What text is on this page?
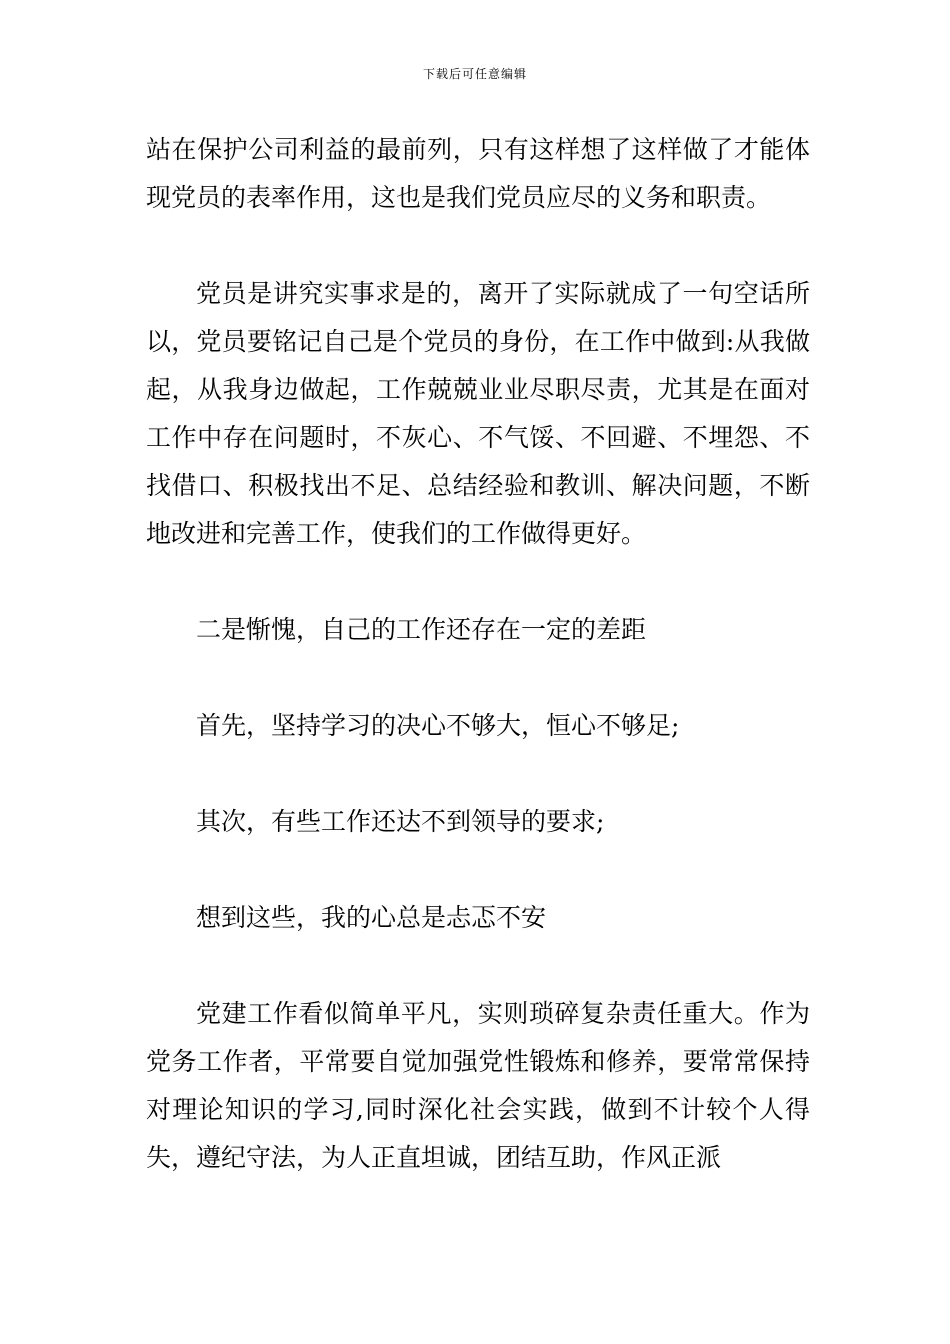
下载后可任意编辑

站在保护公司利益的最前列，只有这样想了这样做了才能体现党员的表率作用，这也是我们党员应尽的义务和职责。

党员是讲究实事求是的，离开了实际就成了一句空话所以，党员要铭记自己是个党员的身份，在工作中做到:从我做起，从我身边做起，工作兢兢业业尽职尽责，尤其是在面对工作中存在问题时，不灰心、不气馁、不回避、不埋怨、不找借口、积极找出不足、总结经验和教训、解决问题，不断地改进和完善工作，使我们的工作做得更好。

二是惭愧，自己的工作还存在一定的差距

首先，坚持学习的决心不够大，恒心不够足;

其次，有些工作还达不到领导的要求;

想到这些，我的心总是忐忑不安

党建工作看似简单平凡，实则琐碎复杂责任重大。作为党务工作者，平常要自觉加强党性锻炼和修养，要常常保持对理论知识的学习,同时深化社会实践，做到不计较个人得失，遵纪守法，为人正直坦诚，团结互助，作风正派
